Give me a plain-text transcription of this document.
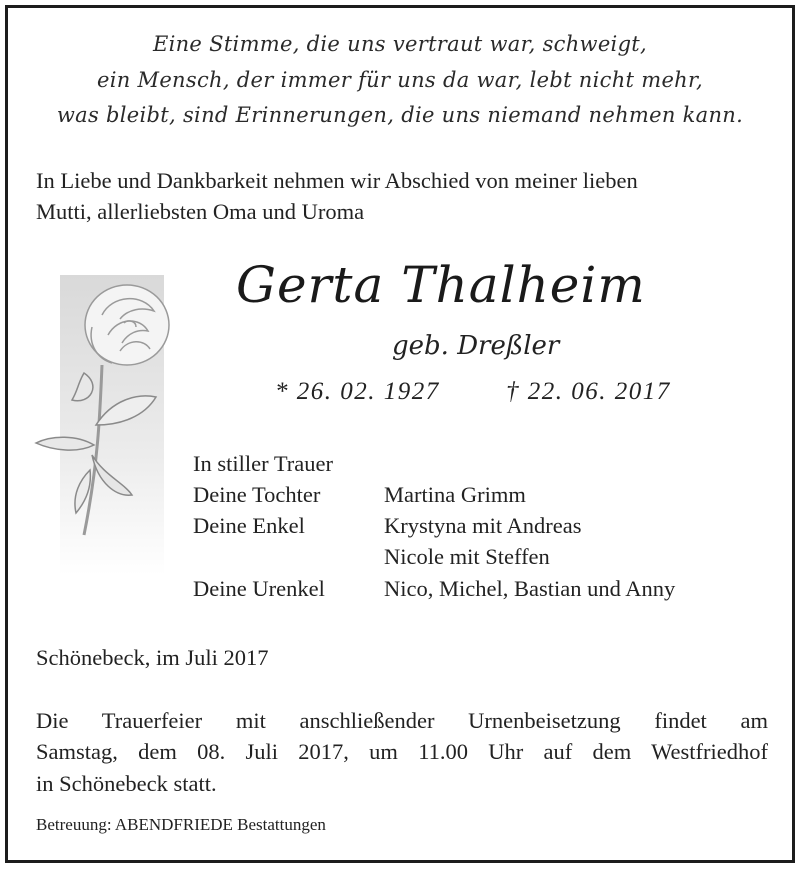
Eine Stimme, die uns vertraut war, schweigt,
ein Mensch, der immer für uns da war, lebt nicht mehr,
was bleibt, sind Erinnerungen, die uns niemand nehmen kann.
In Liebe und Dankbarkeit nehmen wir Abschied von meiner lieben
Mutti, allerliebsten Oma und Uroma
Gerta Thalheim
geb. Dreßler
* 26. 02. 1927	† 22. 06. 2017
In stiller Trauer
Deine Tochter	Martina Grimm
Deine Enkel	Krystyna mit Andreas
Nicole mit Steffen
Deine Urenkel	Nico, Michel, Bastian und Anny
Schönebeck, im Juli 2017
Die Trauerfeier mit anschließender Urnenbeisetzung findet am
Samstag, dem 08. Juli 2017, um 11.00 Uhr auf dem Westfriedhof
in Schönebeck statt.
Betreuung: ABENDFRIEDE Bestattungen
